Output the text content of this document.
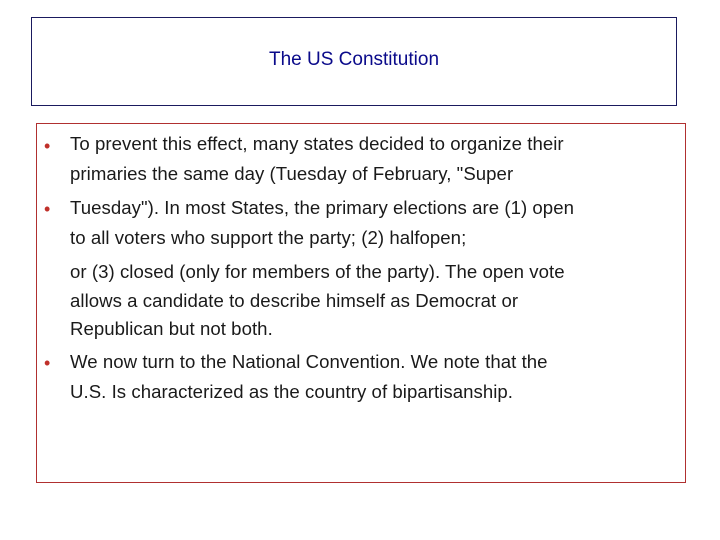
The US Constitution
•
•
•
To prevent this effect, many states decided to organize their
primaries the same day (Tuesday of February, "Super
Tuesday"). In most States, the primary elections are (1) open
to all voters who support the party; (2) halfopen;
or (3) closed (only for members of the party). The open vote
allows a candidate to describe himself as Democrat or
Republican but not both.
We now turn to the National Convention. We note that the
U.S. Is characterized as the country of bipartisanship.
